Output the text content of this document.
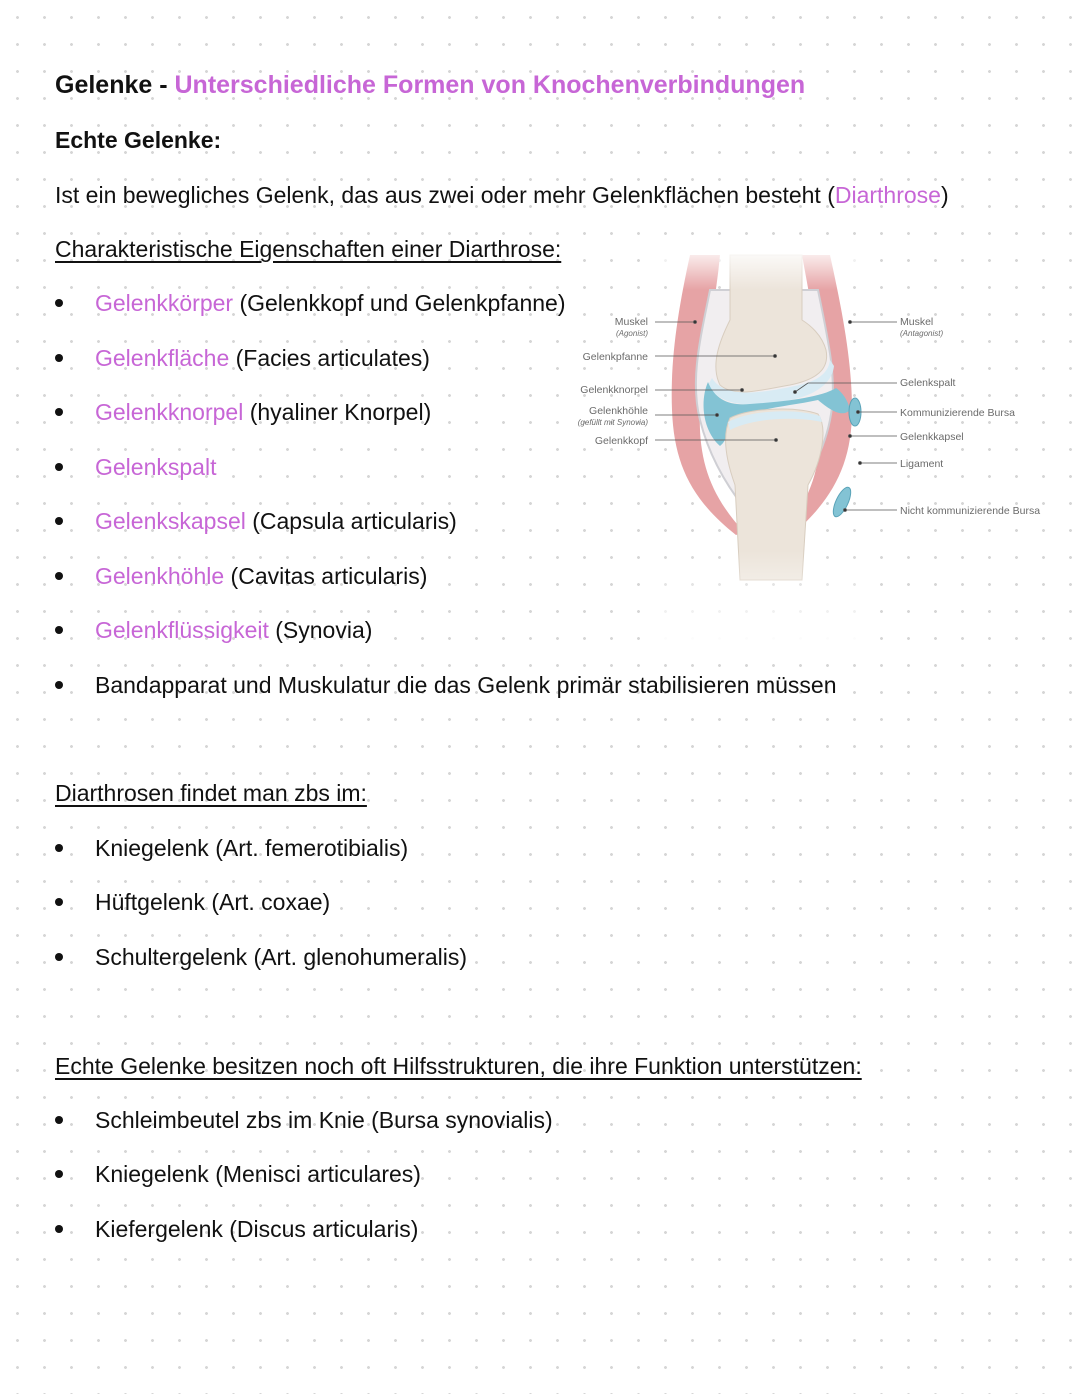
Gelenke - Unterschiedliche Formen von Knochenverbindungen
Echte Gelenke:
Ist ein bewegliches Gelenk, das aus zwei oder mehr Gelenkflächen besteht (Diarthrose)
Charakteristische Eigenschaften einer Diarthrose:
Gelenkkörper (Gelenkkopf und Gelenkpfanne)
Gelenkfläche (Facies articulates)
Gelenkknorpel (hyaliner Knorpel)
Gelenkspalt
Gelenkskapsel (Capsula articularis)
Gelenkhöhle (Cavitas articularis)
Gelenkflüssigkeit (Synovia)
Bandapparat und Muskulatur die das Gelenk primär stabilisieren müssen
Diarthrosen findet man zbs im:
Kniegelenk (Art. femerotibialis)
Hüftgelenk (Art. coxae)
Schultergelenk (Art. glenohumeralis)
Echte Gelenke besitzen noch oft Hilfsstrukturen, die ihre Funktion unterstützen:
Schleimbeutel zbs im Knie (Bursa synovialis)
Kniegelenk (Menisci articulares)
Kiefergelenk (Discus articularis)
Muskel
(Agonist)
Gelenkpfanne
Gelenkknorpel
Gelenkhöhle
(gefüllt mit Synovia)
Gelenkkopf
Muskel
(Antagonist)
Gelenkspalt
Kommunizierende Bursa
Gelenkkapsel
Ligament
Nicht kommunizierende Bursa
